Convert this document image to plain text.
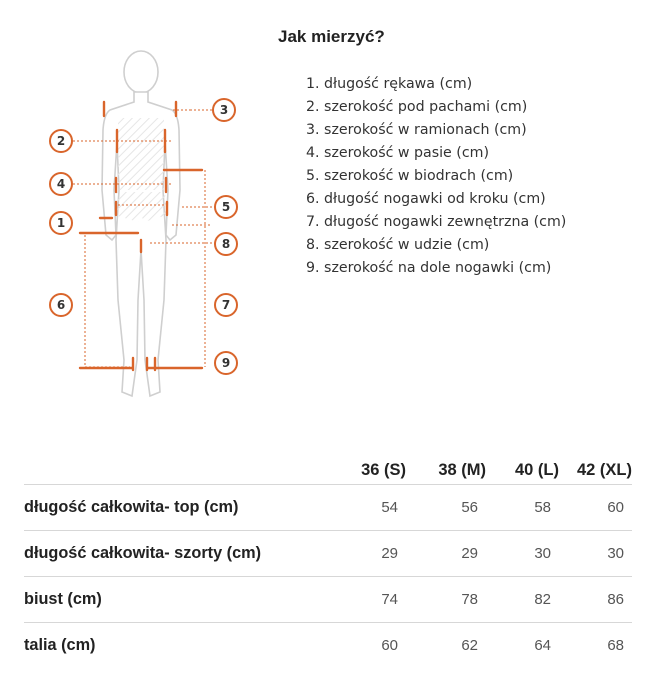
Jak mierzyć?
1
2
3
4
5
6	7
8
9
1. długość rękawa (cm)
2. szerokość pod pachami (cm)
3. szerokość w ramionach (cm)
4. szerokość w pasie (cm)
5. szerokość w biodrach (cm)
6. długość nogawki od kroku (cm)
7. długość nogawki zewnętrzna (cm)
8. szerokość w udzie (cm)
9. szerokość na dole nogawki (cm)
	36 (S)	38 (M)	40 (L)	42 (XL)
długość całkowita- top (cm)	54	56	58	60
długość całkowita- szorty (cm)	29	29	30	30
biust (cm)	74	78	82	86
talia (cm)	60	62	64	68
